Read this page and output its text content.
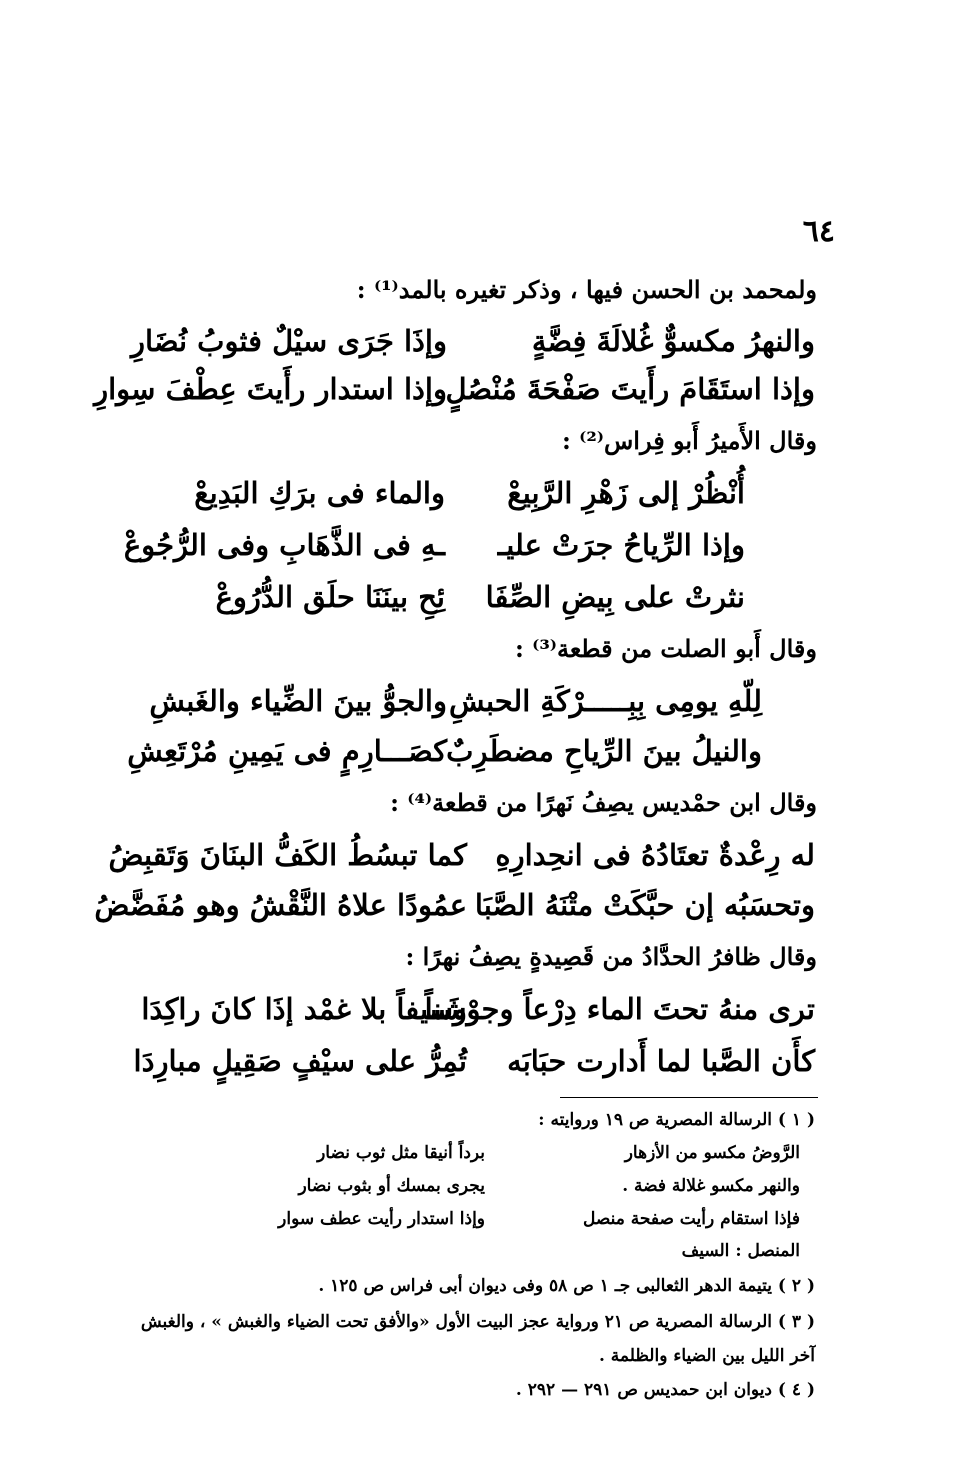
٦٤
ولمحمد بن الحسن فيها ، وذكر تغيره بالمد⁽¹⁾ :
والنهرُ مكسوٌّ غُلالَةَ فِضَّةٍ
وإذَا جَرَى سيْلٌ فثوبُ نُضَارِ
وإذا استَقَامَ رأَيتَ صَفْحَةَ مُنْصُلٍ
وإذا استدار رأَيتَ عِطْفَ سِوارِ
وقال الأَميرُ أَبو فِراس⁽²⁾ :
أُنْظُرْ إلى زَهْرِ الرَّبِيعْ
والماء فى برَكِ البَدِيعْ
وإذا الرِّياحُ جرَتْ عليـ
ـهِ فى الذَّهَابِ وفى الرُّجُوعْ
نثرتْ على بِيضِ الصِّفَا
ئِحِ بينَنَا حلَق الدُّرُوعْ
وقال أَبو الصلت من قطعة⁽³⁾ :
لِلّهِ يومِى بِبِـــــرْكَةِ الحبشِ
والجوُّ بينَ الضِّياء والغَبشِ
والنيلُ بينَ الرِّياحِ مضطَرِبٌ
كصَـــارِمٍ فى يَمِينِ مُرْتَعِشِ
وقال ابن حمْديس يصِفُ نَهرًا من قطعة⁽⁴⁾ :
له رِعْدةٌ تعتَادُهُ فى انحِدارِهِ
كما تبسُطُ الكَفُّ البنَانَ وَتَقبِضُ
وتحسَبُه إن حبَّكَتْ متْنَهُ الصَّبَا
عمُودًا علاهُ النَّقْشُ وهو مُفَضَّضُ
وقال ظافرُ الحدَّادُ من قَصِيدةٍ يصِفُ نهرًا :
ترى منهُ تحتَ الماء دِرْعاً وجوْشَناً
وسيفاً بلا غمْد إذَا كانَ راكِدَا
كأَن الصَّبا لما أَدارت حبَابَه
تُمِرُّ على سيْفٍ صَقِيلٍ مبارِدَا
( ١ ) الرسالة المصرية ص ١٩ وروايته :
الرَّوضُ مكسو من الأزهار
برداً أنيقا مثل ثوب نضار
والنهر مكسو غلالة فضة .
يجرى بمسك أو بثوب نضار
فإذا استقام رأيت صفحة منصل
وإذا استدار رأيت عطف سوار
المنصل : السيف
( ٢ ) يتيمة الدهر الثعالبى جـ ١ ص ٥٨ وفى ديوان أبى فراس ص ١٢٥ .
( ٣ ) الرسالة المصرية ص ٢١ ورواية عجز البيت الأول «والأفق تحت الضياء والغبش » ، والغبش
آخر الليل بين الضياء والظلمة .
( ٤ ) ديوان ابن حمديس ص ٢٩١ — ٢٩٢ .
